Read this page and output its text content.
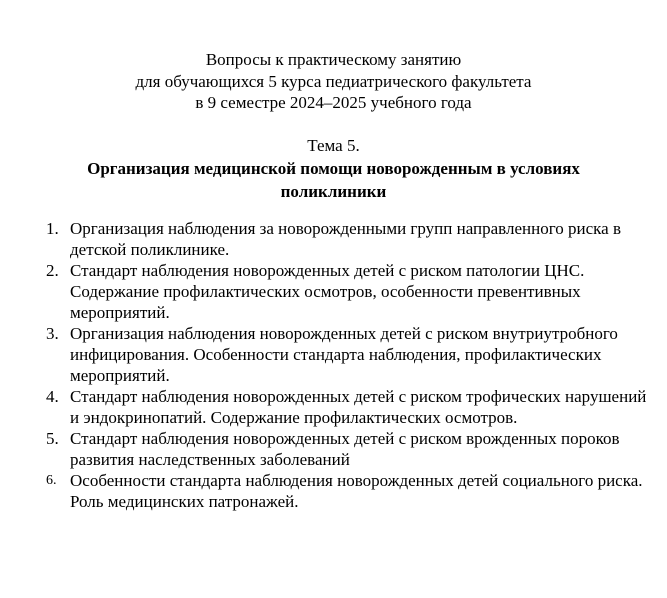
Вопросы к практическому занятию
для обучающихся 5 курса педиатрического факультета
в 9 семестре 2024–2025 учебного года
Тема 5.
Организация медицинской помощи новорожденным в условиях поликлиники
1. Организация наблюдения за новорожденными групп направленного риска в детской поликлинике.
2. Стандарт наблюдения новорожденных детей с риском патологии ЦНС. Содержание профилактических осмотров, особенности превентивных мероприятий.
3. Организация наблюдения новорожденных детей с риском внутриутробного инфицирования. Особенности стандарта наблюдения, профилактических мероприятий.
4. Стандарт наблюдения новорожденных детей с риском трофических нарушений и эндокринопатий. Содержание профилактических осмотров.
5. Стандарт наблюдения новорожденных детей с риском врожденных пороков развития наследственных заболеваний
6. Особенности стандарта наблюдения новорожденных детей социального риска. Роль медицинских патронажей.
